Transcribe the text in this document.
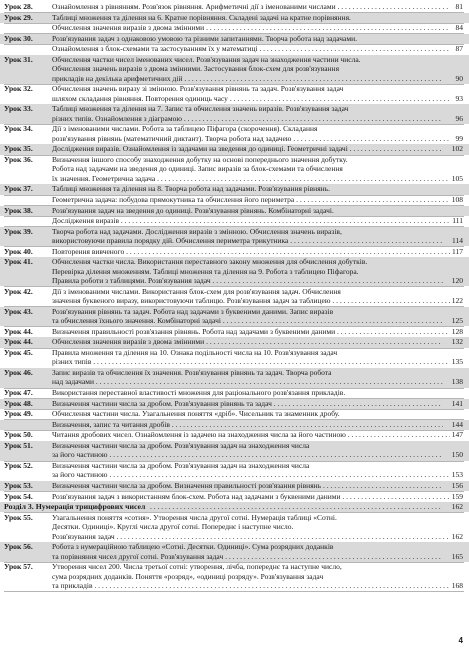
Урок 28.	Ознайомлення з рівнянням. Розв'язок рівняння. Арифметичні дії з іменованими числами . . .	81
Урок 29.	Таблиці множення та ділення на 6. Кратне порівняння. Складені задачі на кратне порівняння.
Обчислення значення виразів з двома змінними . . .	84
Урок 30.	Розв'язування задач з однаковою умовою та різними запитаннями. Творча робота над задачами.
Ознайомлення з блок-схемами та застосуванням їх у математиці . . .	87
Урок 31.	Обчислення частки чисел іменованих чисел. Розв'язування задач на знаходження частини числа.
Обчислення значень виразів з двома змінними. Застосування блок-схем для розв'язування
прикладів на декілька арифметичних дій . . .	90
Урок 32.	Обчислення значень виразу зі змінною. Розв'язування рівнянь та задач. Розв'язування задач
шляхом складання рівняння. Повторення одиниць часу . . .	93
Урок 33.	Таблиці множення та ділення на 7. Запис та обчислення значень виразів. Розв'язування задач
різних типів. Ознайомлення з діаграмою . . .	96
Урок 34.	Дії з іменованими числами. Робота за таблицею Піфагора (скорочення). Складання
розв'язування рівнянь (математичний диктант). Творча робота над задачею . . .	99
Урок 35.	Дослідження виразів. Ознайомлення із задачами на зведення до одиниці. Геометричні задачі . . .	102
Урок 36.	Визначення іншого способу знаходження добутку на основі попереднього значення добутку.
Робота над задачами на зведення до одиниці. Запис виразів за блок-схемами та обчислення
їх значення. Геометрична задача . . .	105
Урок 37.	Таблиці множення та ділення на 8. Творча робота над задачами. Розв'язування рівнянь.
Геометрична задача: побудова прямокутника та обчислення його периметра . . .	108
Урок 38.	Розв'язування задач на зведення до одиниці. Розв'язування рівнянь. Комбінаторні задачі.
Дослідження виразів . . .	111
Урок 39.	Творча робота над задачами. Дослідження виразів з змінною. Обчислення значень виразів,
використовуючи правила порядку дій. Обчислення периметра трикутника . . .	114
Урок 40.	Повторення вивченого . . .	117
Урок 41.	Обчислення частки числа. Використання переставного закону множення для обчислення добутків.
Перевірка ділення множенням. Таблиці множення та ділення на 9. Робота з таблицею Піфагора.
Правила роботи з таблицями. Розв'язування задач . . .	120
Урок 42.	Дії з іменованими числами. Використання блок-схем для розв'язування задач. Обчислення
значення буквеного виразу, використовуючи таблицю. Розв'язування задач за таблицею . . .	122
Урок 43.	Розв'язування рівнянь та задач. Робота над задачами з буквеними даними. Запис виразів
та обчислення їхнього значення. Комбінаторні задачі . . .	125
Урок 44.	Визначення правильності розв'язання рівнянь. Робота над задачами з буквеними даними . . .	128
Урок 44.	Обчислення значення виразів з двома змінними . . .	132
Урок 45.	Правила множення та ділення на 10. Ознака подільності числа на 10. Розв'язування задач
різних типів . . .	135
Урок 46.	Запис виразів та обчислення їх значення. Розв'язування рівнянь та задач. Творча робота
над задачами . . .	138
Урок 47.	Використання переставної властивості множення для раціонального розв'язання прикладів.
Урок 48.	Визначення частини числа за дробом. Розв'язування рівнянь та задач . . .	141
Урок 49.	Обчислення частини числа. Узагальнення поняття «дріб». Чисельник та знаменник дробу.
Визначення, запис та читання дробів . . .	144
Урок 50.	Читання дробових чисел. Ознайомлення із задачею на знаходження числа за його частиною . . .	147
Урок 51.	Визначення частини числа за дробом. Розв'язування задач на знаходження числа
за його частиною . . .	150
Урок 52.	Визначення частини числа за дробом. Розв'язування задач на знаходження числа
за його частиною . . .	153
Урок 53.	Визначення частини числа за дробом. Визначення правильності розв'язання рівнянь . . .	156
Урок 54.	Розв'язування задач з використанням блок-схем. Робота над задачами з буквеними даними . . .	159
Розділ 3. Нумерація трицифрових чисел . . .	162
Урок 55.	Узагальнення поняття «сотня». Утворення числа другої сотні. Нумерація таблиці «Сотні.
Десятки. Одиниці». Круглі числа другої сотні. Попереднє і наступне число.
Розв'язування задач . . .	162
Урок 56.	Робота з нумераційною таблицею «Сотні. Десятки. Одиниці». Сума розрядних доданків
та порівняння чисел другої сотні. Розв'язування задач . . .	165
Урок 57.	Утворення чисел 200. Числа третьої сотні: утворення, лічба, попереднє та наступне число,
сума розрядних доданків. Поняття «розряд», «одиниці розряду». Розв'язування задач
та прикладів . . .	168
4
